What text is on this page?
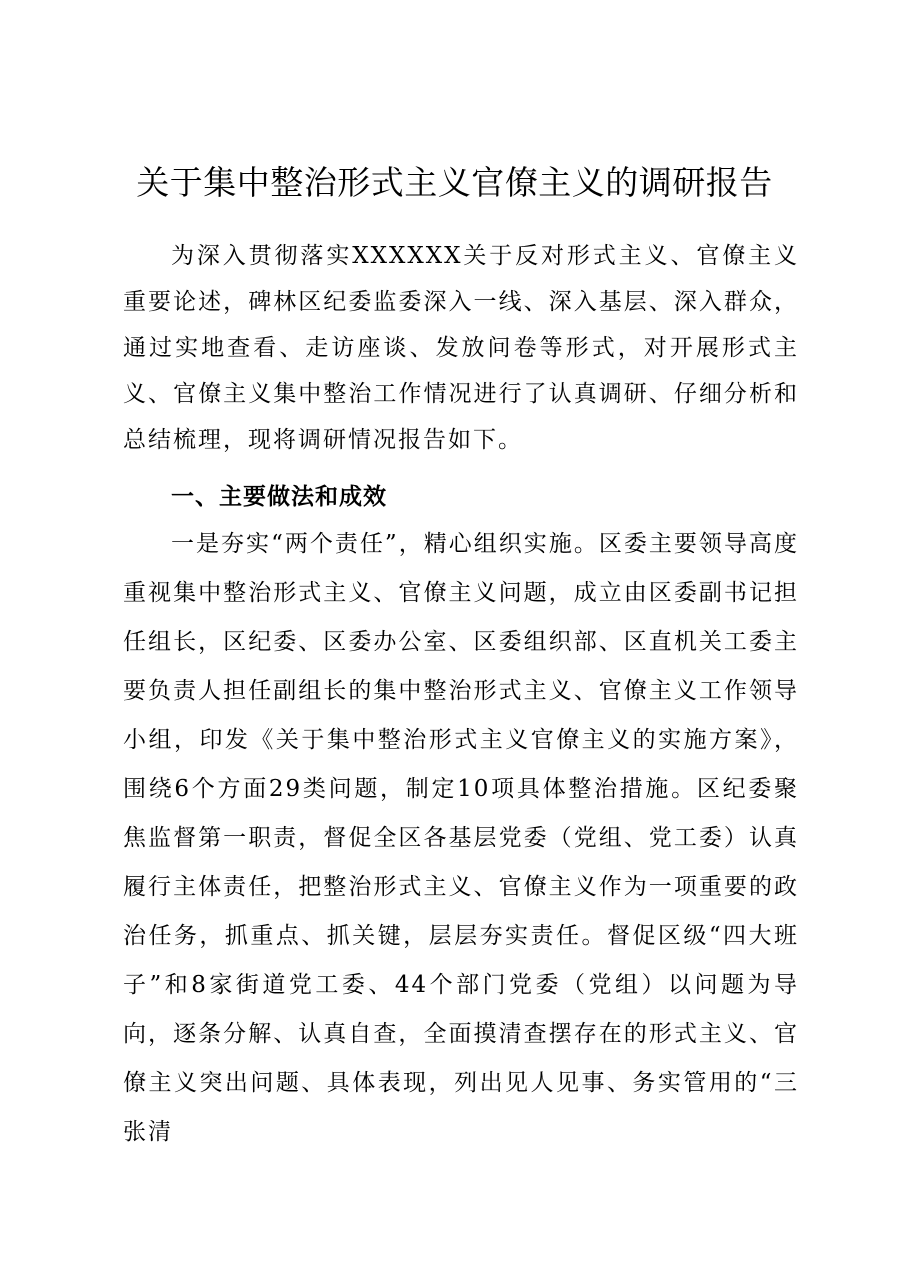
关于集中整治形式主义官僚主义的调研报告

为深入贯彻落实XXXXXX关于反对形式主义、官僚主义重要论述，碑林区纪委监委深入一线、深入基层、深入群众，通过实地查看、走访座谈、发放问卷等形式，对开展形式主义、官僚主义集中整治工作情况进行了认真调研、仔细分析和总结梳理，现将调研情况报告如下。

一、主要做法和成效

一是夯实“两个责任”，精心组织实施。区委主要领导高度重视集中整治形式主义、官僚主义问题，成立由区委副书记担任组长，区纪委、区委办公室、区委组织部、区直机关工委主要负责人担任副组长的集中整治形式主义、官僚主义工作领导小组，印发《关于集中整治形式主义官僚主义的实施方案》，围绕6个方面29类问题，制定10项具体整治措施。区纪委聚焦监督第一职责，督促全区各基层党委（党组、党工委）认真履行主体责任，把整治形式主义、官僚主义作为一项重要的政治任务，抓重点、抓关键，层层夯实责任。督促区级“四大班子”和8家街道党工委、44个部门党委（党组）以问题为导向，逐条分解、认真自查，全面摸清查摆存在的形式主义、官僚主义突出问题、具体表现，列出见人见事、务实管用的“三张清
